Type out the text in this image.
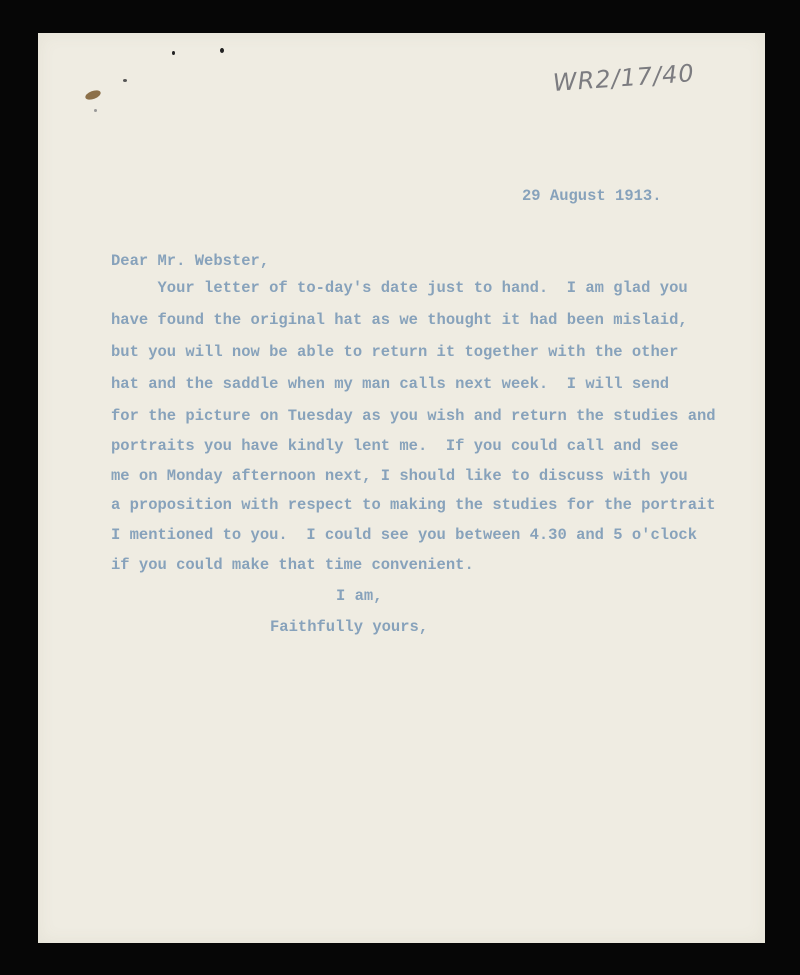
WR2/17/40
29 August 1913.
Dear Mr. Webster,
Your letter of to-day's date just to hand.  I am glad you
have found the original hat as we thought it had been mislaid,
but you will now be able to return it together with the other
hat and the saddle when my man calls next week.  I will send
for the picture on Tuesday as you wish and return the studies and
portraits you have kindly lent me.  If you could call and see
me on Monday afternoon next, I should like to discuss with you
a proposition with respect to making the studies for the portrait
I mentioned to you.  I could see you between 4.30 and 5 o'clock
if you could make that time convenient.
I am,
Faithfully yours,
